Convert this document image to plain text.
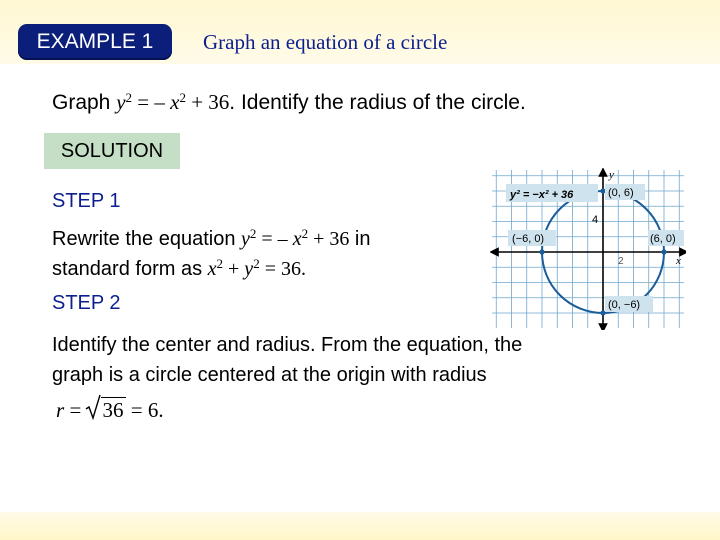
EXAMPLE 1	Graph an equation of a circle
Graph $y^2$ = – $x^2 + 36$. Identify the radius of the circle.
SOLUTION
STEP 1
Rewrite the equation $y^2$ = – $x^2 + 36$ in
standard form as $x^2 + y^2 = 36$.
STEP 2
Identify the center and radius. From the equation, the
graph is a circle centered at the origin with radius
r =
36 = 6.
y² = −x² + 36	(0, 6)
(−6, 0)	(6, 0)
(0, −6)
4
2
y
x
